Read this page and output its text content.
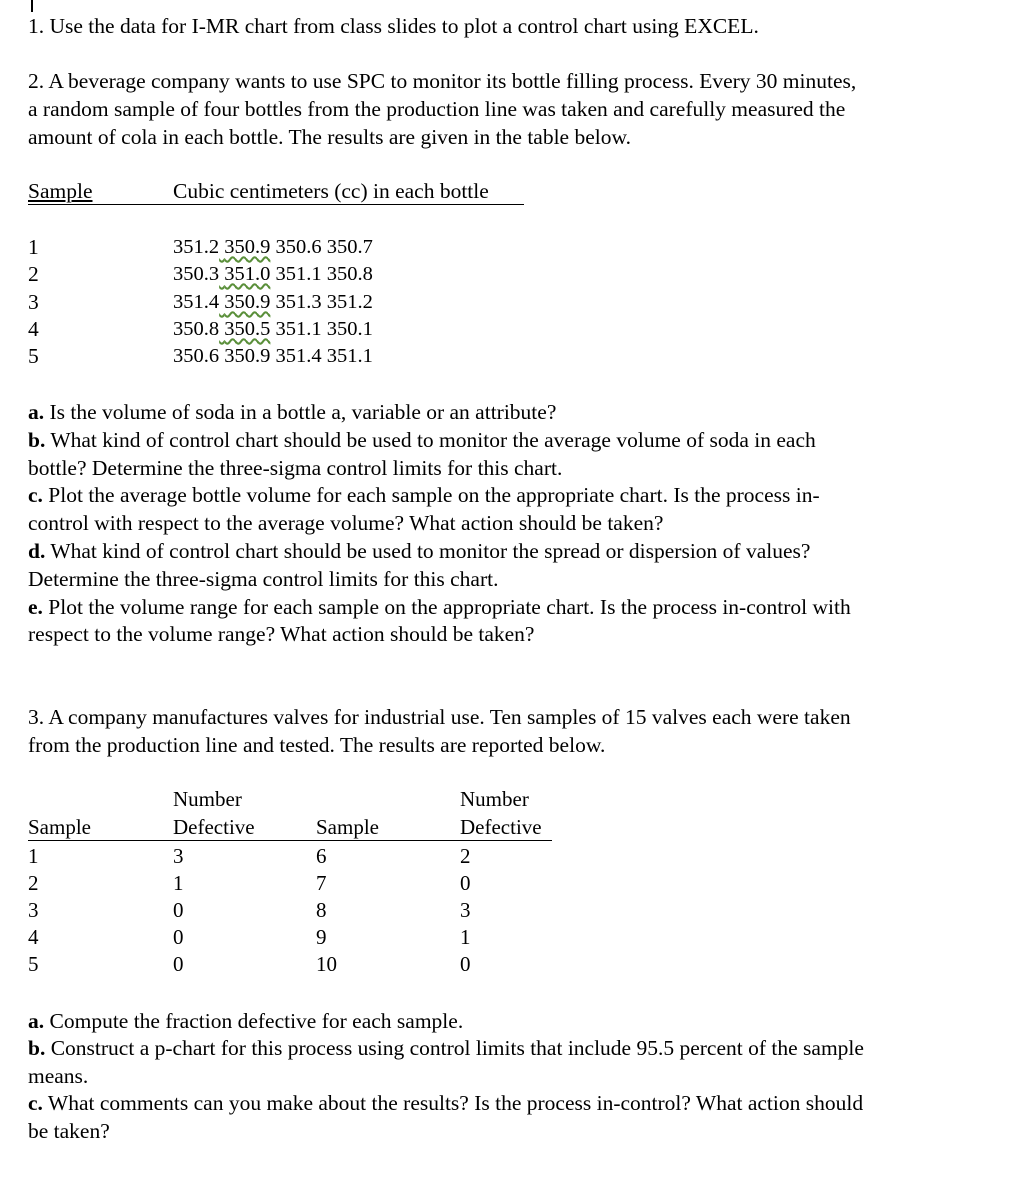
1. Use the data for I-MR chart from class slides to plot a control chart using EXCEL.

2. A beverage company wants to use SPC to monitor its bottle filling process. Every 30 minutes,

a random sample of four bottles from the production line was taken and carefully measured the

amount of cola in each bottle. The results are given in the table below.

Sample	Cubic centimeters (cc) in each bottle
1	351.2 350.9 350.6 350.7
2	350.3 351.0 351.1 350.8
3	351.4 350.9 351.3 351.2
4	350.8 350.5 351.1 350.1
5	350.6 350.9 351.4 351.1

a. Is the volume of soda in a bottle a, variable or an attribute?

b. What kind of control chart should be used to monitor the average volume of soda in each

bottle? Determine the three-sigma control limits for this chart.

c. Plot the average bottle volume for each sample on the appropriate chart. Is the process in-

control with respect to the average volume? What action should be taken?

d. What kind of control chart should be used to monitor the spread or dispersion of values?

Determine the three-sigma control limits for this chart.

e. Plot the volume range for each sample on the appropriate chart. Is the process in-control with

respect to the volume range? What action should be taken?

3. A company manufactures valves for industrial use. Ten samples of 15 valves each were taken

from the production line and tested. The results are reported below.

Number	Number
Sample	Defective	Sample	Defective
1	3	6	2
2	1	7	0
3	0	8	3
4	0	9	1
5	0	10	0

a. Compute the fraction defective for each sample.

b. Construct a p-chart for this process using control limits that include 95.5 percent of the sample

means.

c. What comments can you make about the results? Is the process in-control? What action should

be taken?
